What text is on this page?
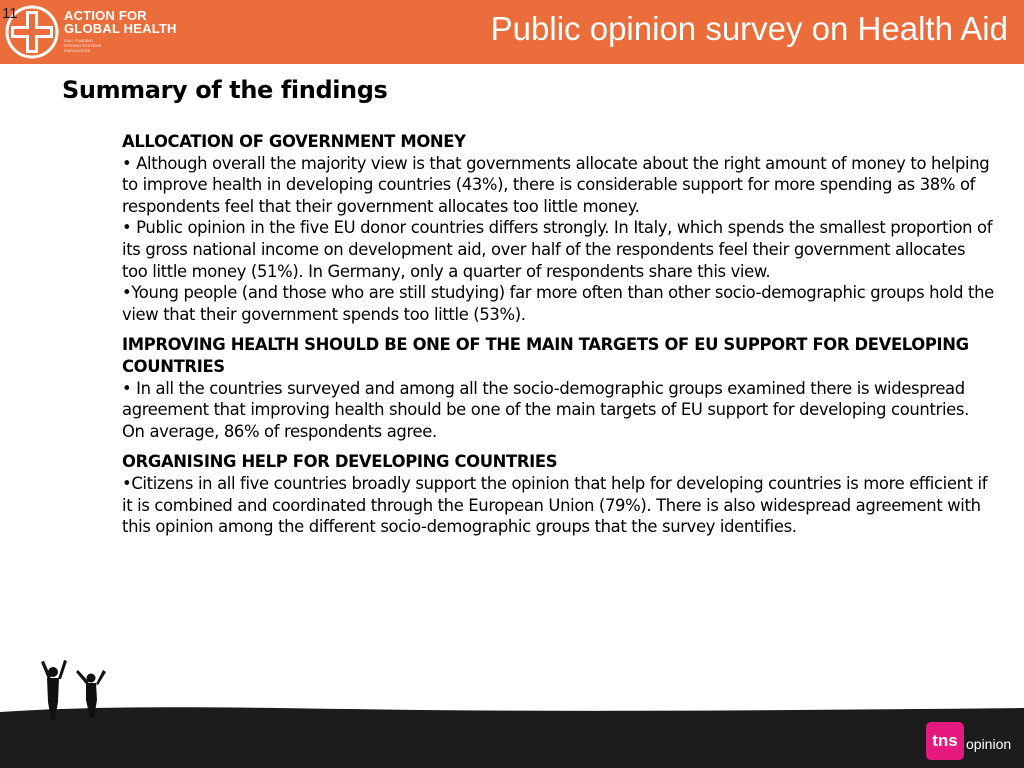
11	ACTION FOR
GLOBAL HEALTH
FULL FUNDING
STRONG SYSTEMS
FAIR ACCESS
Public opinion survey on Health Aid
Summary of the findings
ALLOCATION OF GOVERNMENT MONEY

• Although overall the majority view is that governments allocate about the right amount of money to helping to improve health in developing countries (43%), there is considerable support for more spending as 38% of respondents feel that their government allocates too little money.

• Public opinion in the five EU donor countries differs strongly. In Italy, which spends the smallest proportion of its gross national income on development aid, over half of the respondents feel their government allocates too little money (51%). In Germany, only a quarter of respondents share this view.

•Young people (and those who are still studying) far more often than other socio-demographic groups hold the view that their government spends too little (53%).

IMPROVING HEALTH SHOULD BE ONE OF THE MAIN TARGETS OF EU SUPPORT FOR DEVELOPING COUNTRIES

• In all the countries surveyed and among all the socio-demographic groups examined there is widespread agreement that improving health should be one of the main targets of EU support for developing countries. On average, 86% of respondents agree.

ORGANISING HELP FOR DEVELOPING COUNTRIES

•Citizens in all five countries broadly support the opinion that help for developing countries is more efficient if it is combined and coordinated through the European Union (79%). There is also widespread agreement with this opinion among the different socio-demographic groups that the survey identifies.

tns opinion
